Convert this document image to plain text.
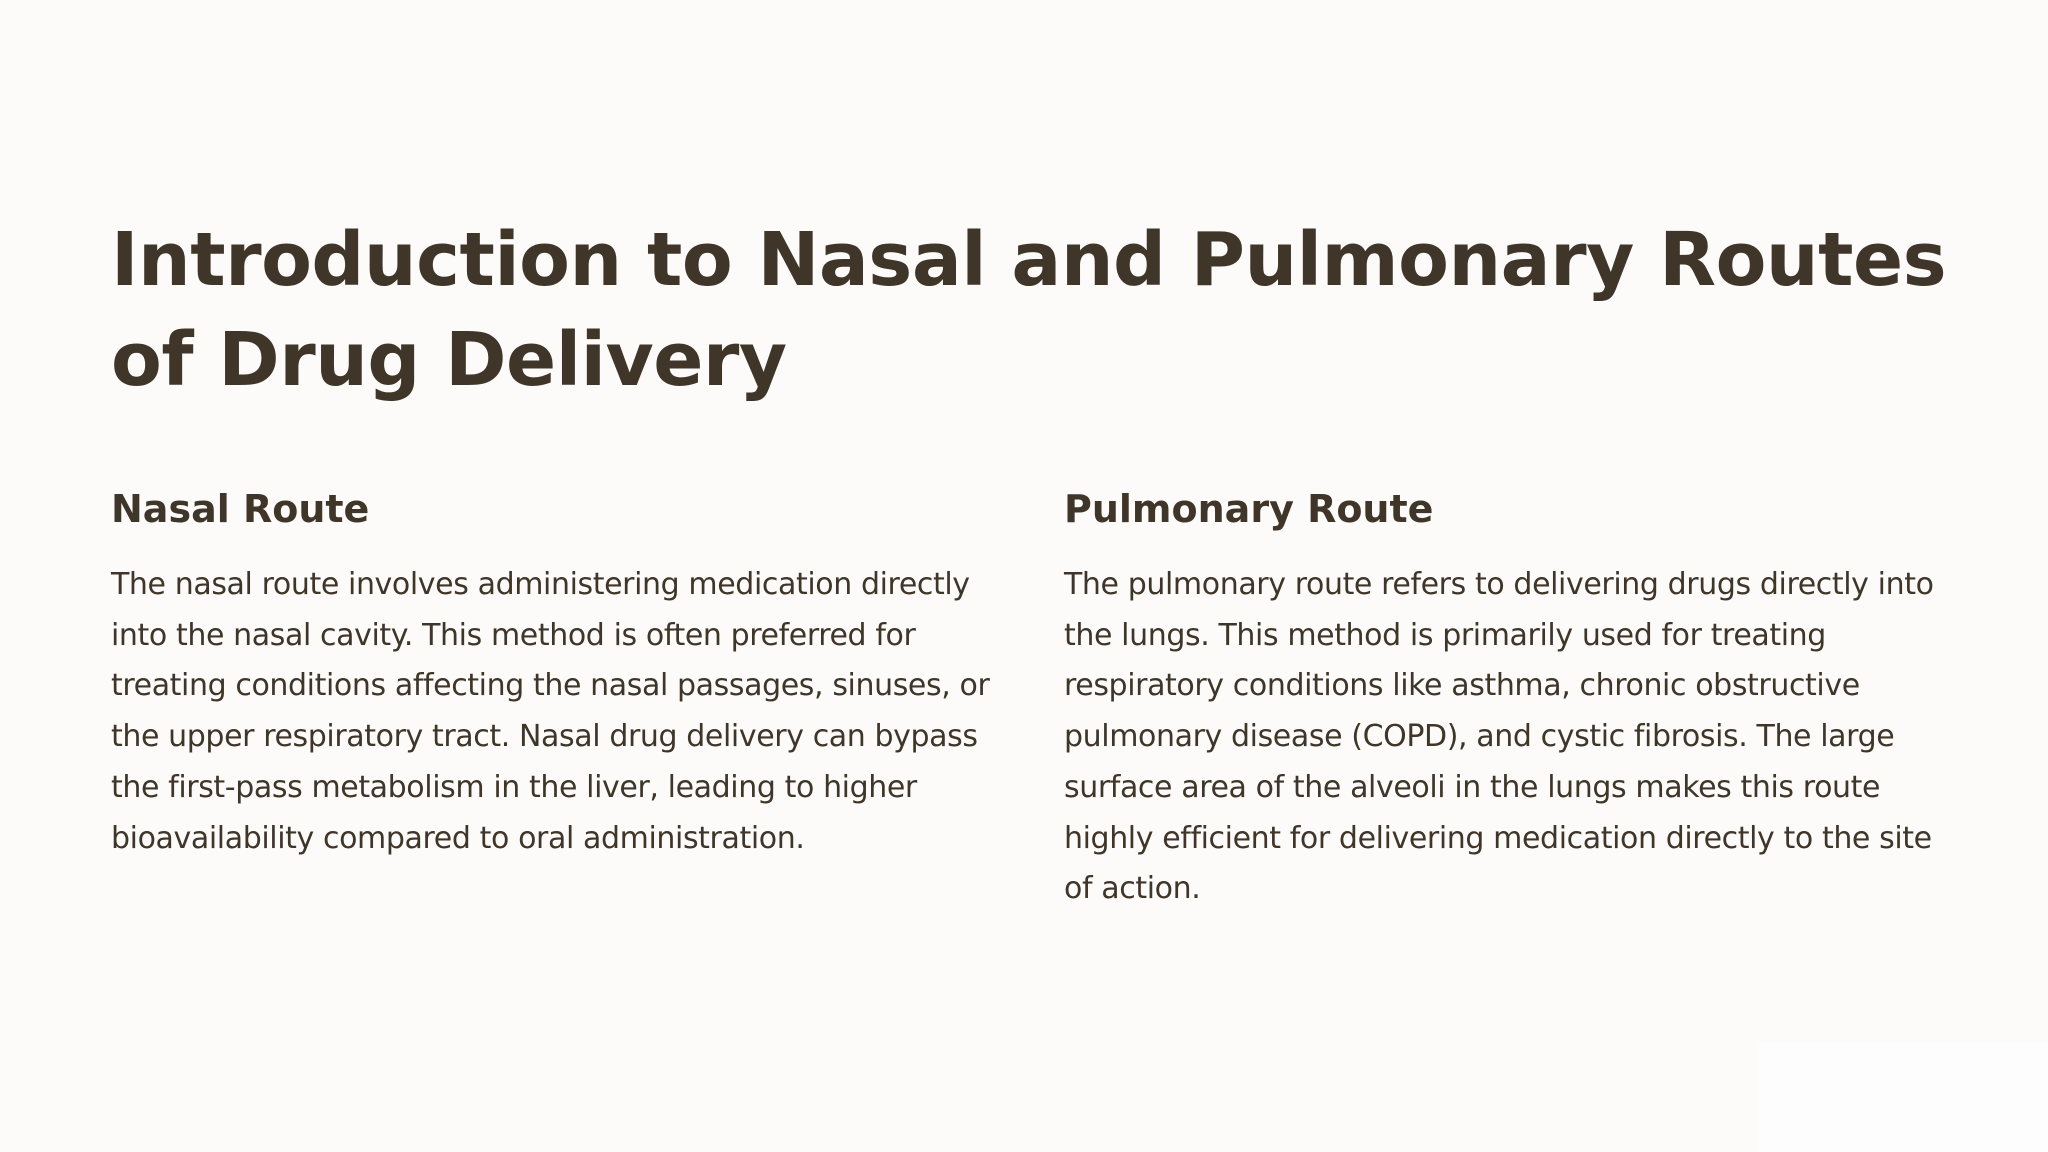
Introduction to Nasal and Pulmonary Routes of Drug Delivery
Nasal Route

The nasal route involves administering medication directly into the nasal cavity. This method is often preferred for treating conditions affecting the nasal passages, sinuses, or the upper respiratory tract. Nasal drug delivery can bypass the first-pass metabolism in the liver, leading to higher bioavailability compared to oral administration.

Pulmonary Route

The pulmonary route refers to delivering drugs directly into the lungs. This method is primarily used for treating respiratory conditions like asthma, chronic obstructive pulmonary disease (COPD), and cystic fibrosis. The large surface area of the alveoli in the lungs makes this route highly efficient for delivering medication directly to the site of action.
